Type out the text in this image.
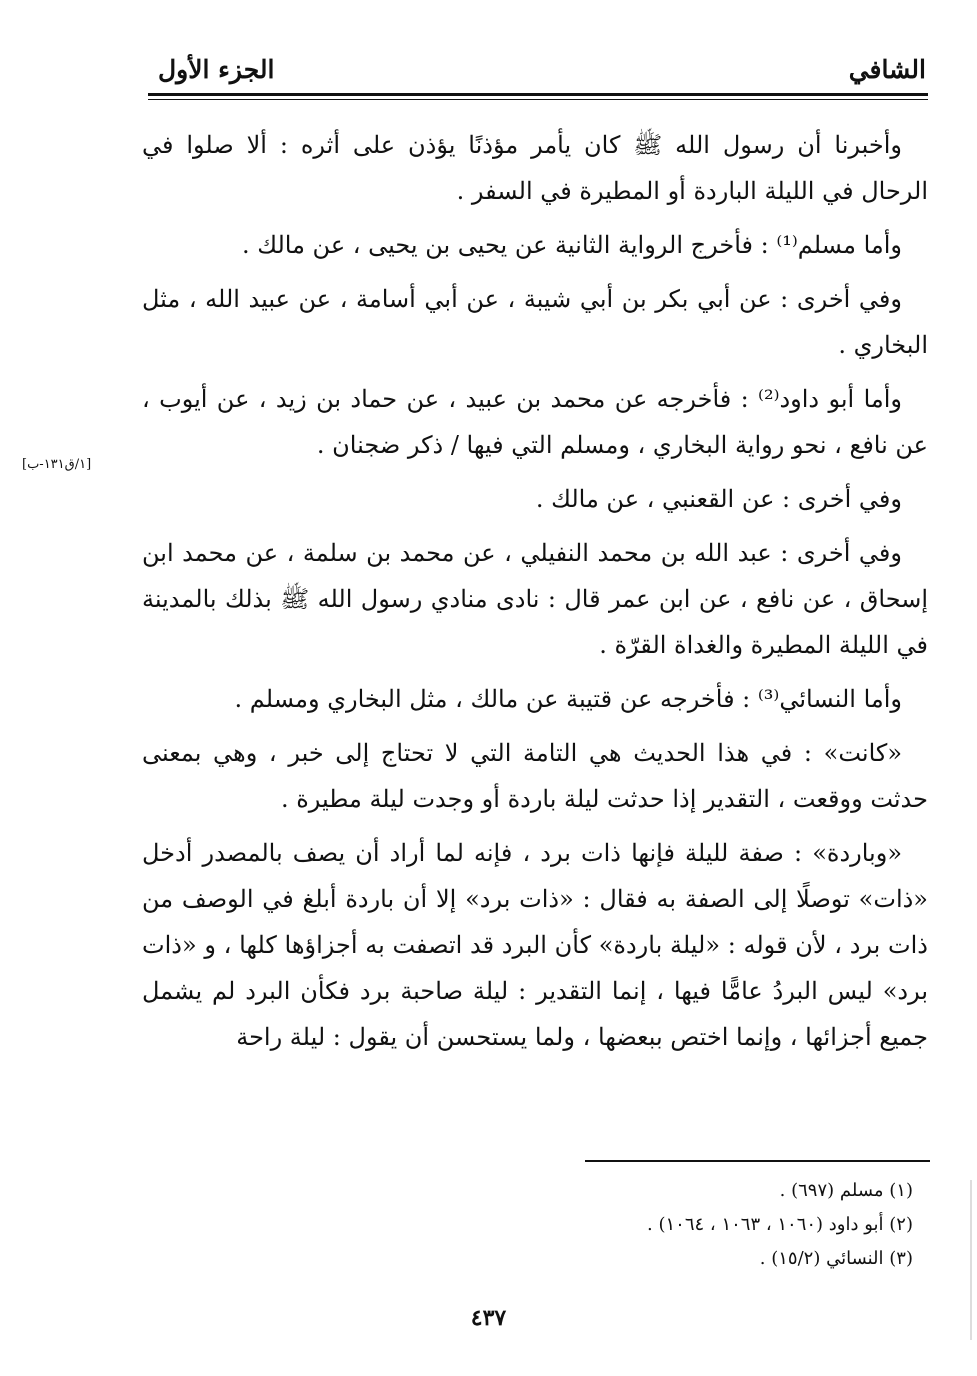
الشافي
الجزء الأول

وأخبرنا أن رسول الله ﷺ كان يأمر مؤذنًا يؤذن على أثره : ألا صلوا في الرحال في الليلة الباردة أو المطيرة في السفر .

وأما مسلم⁽¹⁾ : فأخرج الرواية الثانية عن يحيى بن يحيى ، عن مالك .

وفي أخرى : عن أبي بكر بن أبي شيبة ، عن أبي أسامة ، عن عبيد الله ، مثل البخاري .

وأما أبو داود⁽²⁾ : فأخرجه عن محمد بن عبيد ، عن حماد بن زيد ، عن أيوب ، عن نافع ، نحو رواية البخاري ، ومسلم التي فيها / ذكر ضجنان .

وفي أخرى : عن القعنبي ، عن مالك .

وفي أخرى : عبد الله بن محمد النفيلي ، عن محمد بن سلمة ، عن محمد ابن إسحاق ، عن نافع ، عن ابن عمر قال : نادى منادي رسول الله ﷺ بذلك بالمدينة في الليلة المطيرة والغداة القرّة .

وأما النسائي⁽³⁾ : فأخرجه عن قتيبة عن مالك ، مثل البخاري ومسلم .

«كانت» : في هذا الحديث هي التامة التي لا تحتاج إلى خبر ، وهي بمعنى حدثت ووقعت ، التقدير إذا حدثت ليلة باردة أو وجدت ليلة مطيرة .

«وباردة» : صفة لليلة فإنها ذات برد ، فإنه لما أراد أن يصف بالمصدر أدخل «ذات» توصلًا إلى الصفة به فقال : «ذات برد» إلا أن باردة أبلغ في الوصف من ذات برد ، لأن قوله : «ليلة باردة» كأن البرد قد اتصفت به أجزاؤها كلها ، و «ذات برد» ليس البردُ عامًّا فيها ، إنما التقدير : ليلة صاحبة برد فكأن البرد لم يشمل جميع أجزائها ، وإنما اختص ببعضها ، ولما يستحسن أن يقول : ليلة راحة

[١/ق١٣١-ب]

(١) مسلم (٦٩٧) .

(٢) أبو داود (١٠٦٠ ، ١٠٦٣ ، ١٠٦٤) .

(٣) النسائي (١٥/٢) .

٤٣٧
